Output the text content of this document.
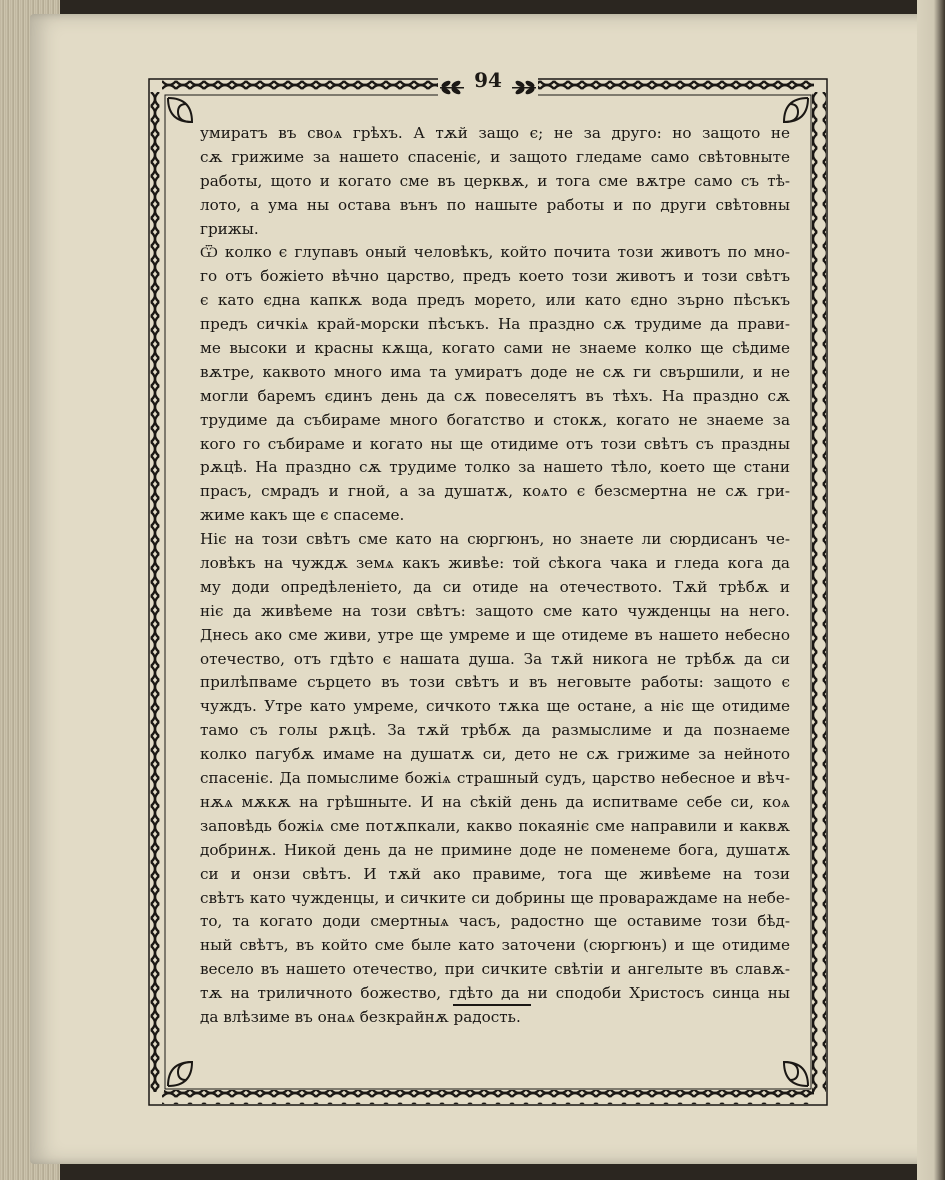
94
умиратъ въ своѧ грѣхъ. А тѫй защо є; не за друго: но защото не
сѫ грижиме за нашето спасеніє, и защото гледаме само свѣтовныте
работы, щото и когато сме въ церквѫ, и тога сме вѫтре само съ тѣ-
лото, а ума ны остава вънъ по нашыте работы и по други свѣтовны
грижы.
Ѿ колко є глупавъ оный человѣкъ, който почита този животъ по мно-
го отъ божіето вѣчно царство, предъ което този животъ и този свѣтъ
є като єдна капкѫ вода предъ морето, или като єдно зърно пѣсъкъ
предъ сичкіѧ край-морски пѣсъкъ. На праздно сѫ трудиме да прави-
ме высоки и красны кѫща, когато сами не знаеме колко ще сѣдиме
вѫтре, каквото много има та умиратъ доде не сѫ ги свършили, и не
могли баремъ єдинъ день да сѫ повеселятъ въ тѣхъ. На праздно сѫ
трудиме да събираме много богатство и стокѫ, когато не знаеме за
кого го събираме и когато ны ще отидиме отъ този свѣтъ съ праздны
рѫцѣ. На праздно сѫ трудиме толко за нашето тѣло, което ще стани
прасъ, смрадъ и гной, а за душатѫ, коѧто є безсмертна не сѫ гри-
жиме какъ ще є спасеме.
Ніє на този свѣтъ сме като на сюргюнъ, но знаете ли сюрдисанъ че-
ловѣкъ на чуждѫ земѧ какъ живѣе: той сѣкога чака и гледа кога да
му доди опредѣленіето, да си отиде на отечеството. Тѫй трѣбѫ и
ніє да живѣеме на този свѣтъ: защото сме като чужденцы на него.
Днесь ако сме живи, утре ще умреме и ще отидеме въ нашето небесно
отечество, отъ гдѣто є нашата душа. За тѫй никога не трѣбѫ да си
прилѣпваме сърцето въ този свѣтъ и въ неговыте работы: защото є
чуждъ. Утре като умреме, сичкото тѫка ще остане, а ніє ще отидиме
тамо съ голы рѫцѣ. За тѫй трѣбѫ да размыслиме и да познаеме
колко пагубѫ имаме на душатѫ си, дето не сѫ грижиме за нейното
спасеніє. Да помыслиме божіѧ страшный судъ, царство небесное и вѣч-
нѫѧ мѫкѫ на грѣшныте. И на сѣкій день да испитваме себе си, коѧ
заповѣдь божіѧ сме потѫпкали, какво покаяніє сме направили и каквѫ
добринѫ. Никой день да не примине доде не поменеме бога, душатѫ
си и онзи свѣтъ. И тѫй ако правиме, тога ще живѣеме на този
свѣтъ като чужденцы, и сичките си добрины ще провараждаме на небе-
то, та когато доди смертныѧ часъ, радостно ще оставиме този бѣд-
ный свѣтъ, въ който сме быле като заточени (сюргюнъ) и ще отидиме
весело въ нашето отечество, при сичките свѣтіи и ангелыте въ славѫ-
тѫ на триличното божество, гдѣто да ни сподоби Христосъ синца ны
да влѣзиме въ онаѧ безкрайнѫ радость.
